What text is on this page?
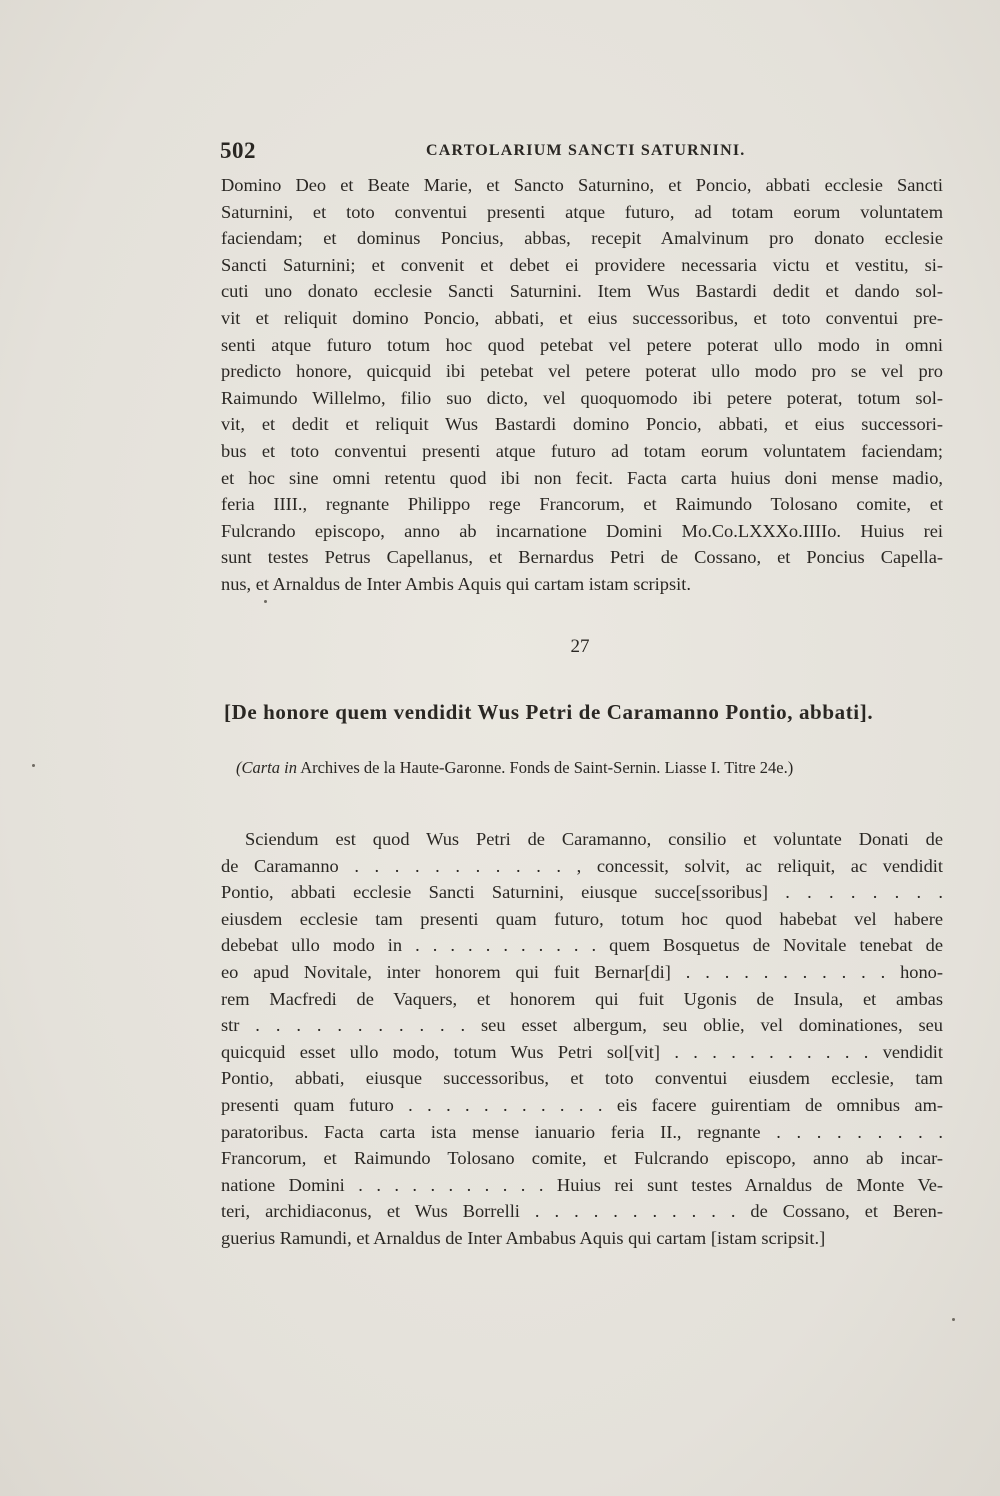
502	CARTOLARIUM SANCTI SATURNINI.
Domino Deo et Beate Marie, et Sancto Saturnino, et Poncio, abbati ecclesie Sancti
Saturnini, et toto conventui presenti atque futuro, ad totam eorum voluntatem
faciendam; et dominus Poncius, abbas, recepit Amalvinum pro donato ecclesie
Sancti Saturnini; et convenit et debet ei providere necessaria victu et vestitu, si-
cuti uno donato ecclesie Sancti Saturnini. Item Wus Bastardi dedit et dando sol-
vit et reliquit domino Poncio, abbati, et eius successoribus, et toto conventui pre-
senti atque futuro totum hoc quod petebat vel petere poterat ullo modo in omni
predicto honore, quicquid ibi petebat vel petere poterat ullo modo pro se vel pro
Raimundo Willelmo, filio suo dicto, vel quoquomodo ibi petere poterat, totum sol-
vit, et dedit et reliquit Wus Bastardi domino Poncio, abbati, et eius successori-
bus et toto conventui presenti atque futuro ad totam eorum voluntatem faciendam;
et hoc sine omni retentu quod ibi non fecit. Facta carta huius doni mense madio,
feria IIII., regnante Philippo rege Francorum, et Raimundo Tolosano comite, et
Fulcrando episcopo, anno ab incarnatione Domini Mo.Co.LXXXo.IIIIo. Huius rei
sunt testes Petrus Capellanus, et Bernardus Petri de Cossano, et Poncius Capella-
nus, et Arnaldus de Inter Ambis Aquis qui cartam istam scripsit.
27
[De honore quem vendidit Wus Petri de Caramanno Pontio, abbati].
(Carta in Archives de la Haute-Garonne. Fonds de Saint-Sernin. Liasse I. Titre 24e.)
Sciendum est quod Wus Petri de Caramanno, consilio et voluntate Donati de
de Caramanno . . . . . . . . . . . , concessit, solvit, ac reliquit, ac vendidit
Pontio, abbati ecclesie Sancti Saturnini, eiusque succe[ssoribus] . . . . . . . .
eiusdem ecclesie tam presenti quam futuro, totum hoc quod habebat vel habere
debebat ullo modo in . . . . . . . . . . . quem Bosquetus de Novitale tenebat de
eo apud Novitale, inter honorem qui fuit Bernar[di] . . . . . . . . . . . hono-
rem Macfredi de Vaquers, et honorem qui fuit Ugonis de Insula, et ambas
str . . . . . . . . . . . seu esset albergum, seu oblie, vel dominationes, seu
quicquid esset ullo modo, totum Wus Petri sol[vit] . . . . . . . . . . . vendidit
Pontio, abbati, eiusque successoribus, et toto conventui eiusdem ecclesie, tam
presenti quam futuro . . . . . . . . . . . eis facere guirentiam de omnibus am-
paratoribus. Facta carta ista mense ianuario feria II., regnante . . . . . . . . .
Francorum, et Raimundo Tolosano comite, et Fulcrando episcopo, anno ab incar-
natione Domini . . . . . . . . . . . Huius rei sunt testes Arnaldus de Monte Ve-
teri, archidiaconus, et Wus Borrelli . . . . . . . . . . . de Cossano, et Beren-
guerius Ramundi, et Arnaldus de Inter Ambabus Aquis qui cartam [istam scripsit.]
